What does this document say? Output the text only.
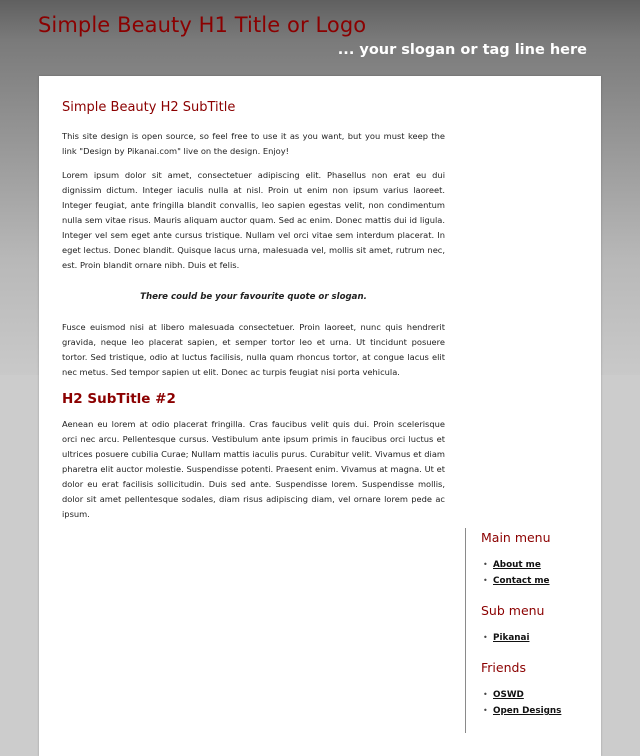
Simple Beauty H1 Title or Logo
... your slogan or tag line here
Simple Beauty H2 SubTitle

This site design is open source, so feel free to use it as you want, but you must keep the link "Design by Pikanai.com" live on the design. Enjoy!

Lorem ipsum dolor sit amet, consectetuer adipiscing elit. Phasellus non erat eu dui dignissim dictum. Integer iaculis nulla at nisl. Proin ut enim non ipsum varius laoreet. Integer feugiat, ante fringilla blandit convallis, leo sapien egestas velit, non condimentum nulla sem vitae risus. Mauris aliquam auctor quam. Sed ac enim. Donec mattis dui id ligula. Integer vel sem eget ante cursus tristique. Nullam vel orci vitae sem interdum placerat. In eget lectus. Donec blandit. Quisque lacus urna, malesuada vel, mollis sit amet, rutrum nec, est. Proin blandit ornare nibh. Duis et felis.

There could be your favourite quote or slogan.

Fusce euismod nisi at libero malesuada consectetuer. Proin laoreet, nunc quis hendrerit gravida, neque leo placerat sapien, et semper tortor leo et urna. Ut tincidunt posuere tortor. Sed tristique, odio at luctus facilisis, nulla quam rhoncus tortor, at congue lacus elit nec metus. Sed tempor sapien ut elit. Donec ac turpis feugiat nisi porta vehicula.

H2 SubTitle #2

Aenean eu lorem at odio placerat fringilla. Cras faucibus velit quis dui. Proin scelerisque orci nec arcu. Pellentesque cursus. Vestibulum ante ipsum primis in faucibus orci luctus et ultrices posuere cubilia Curae; Nullam mattis iaculis purus. Curabitur velit. Vivamus et diam pharetra elit auctor molestie. Suspendisse potenti. Praesent enim. Vivamus at magna. Ut et dolor eu erat facilisis sollicitudin. Duis sed ante. Suspendisse lorem. Suspendisse mollis, dolor sit amet pellentesque sodales, diam risus adipiscing diam, vel ornare lorem pede ac ipsum.

Main menu
• About me
• Contact me
Sub menu
• Pikanai
Friends
• OSWD
• Open Designs
